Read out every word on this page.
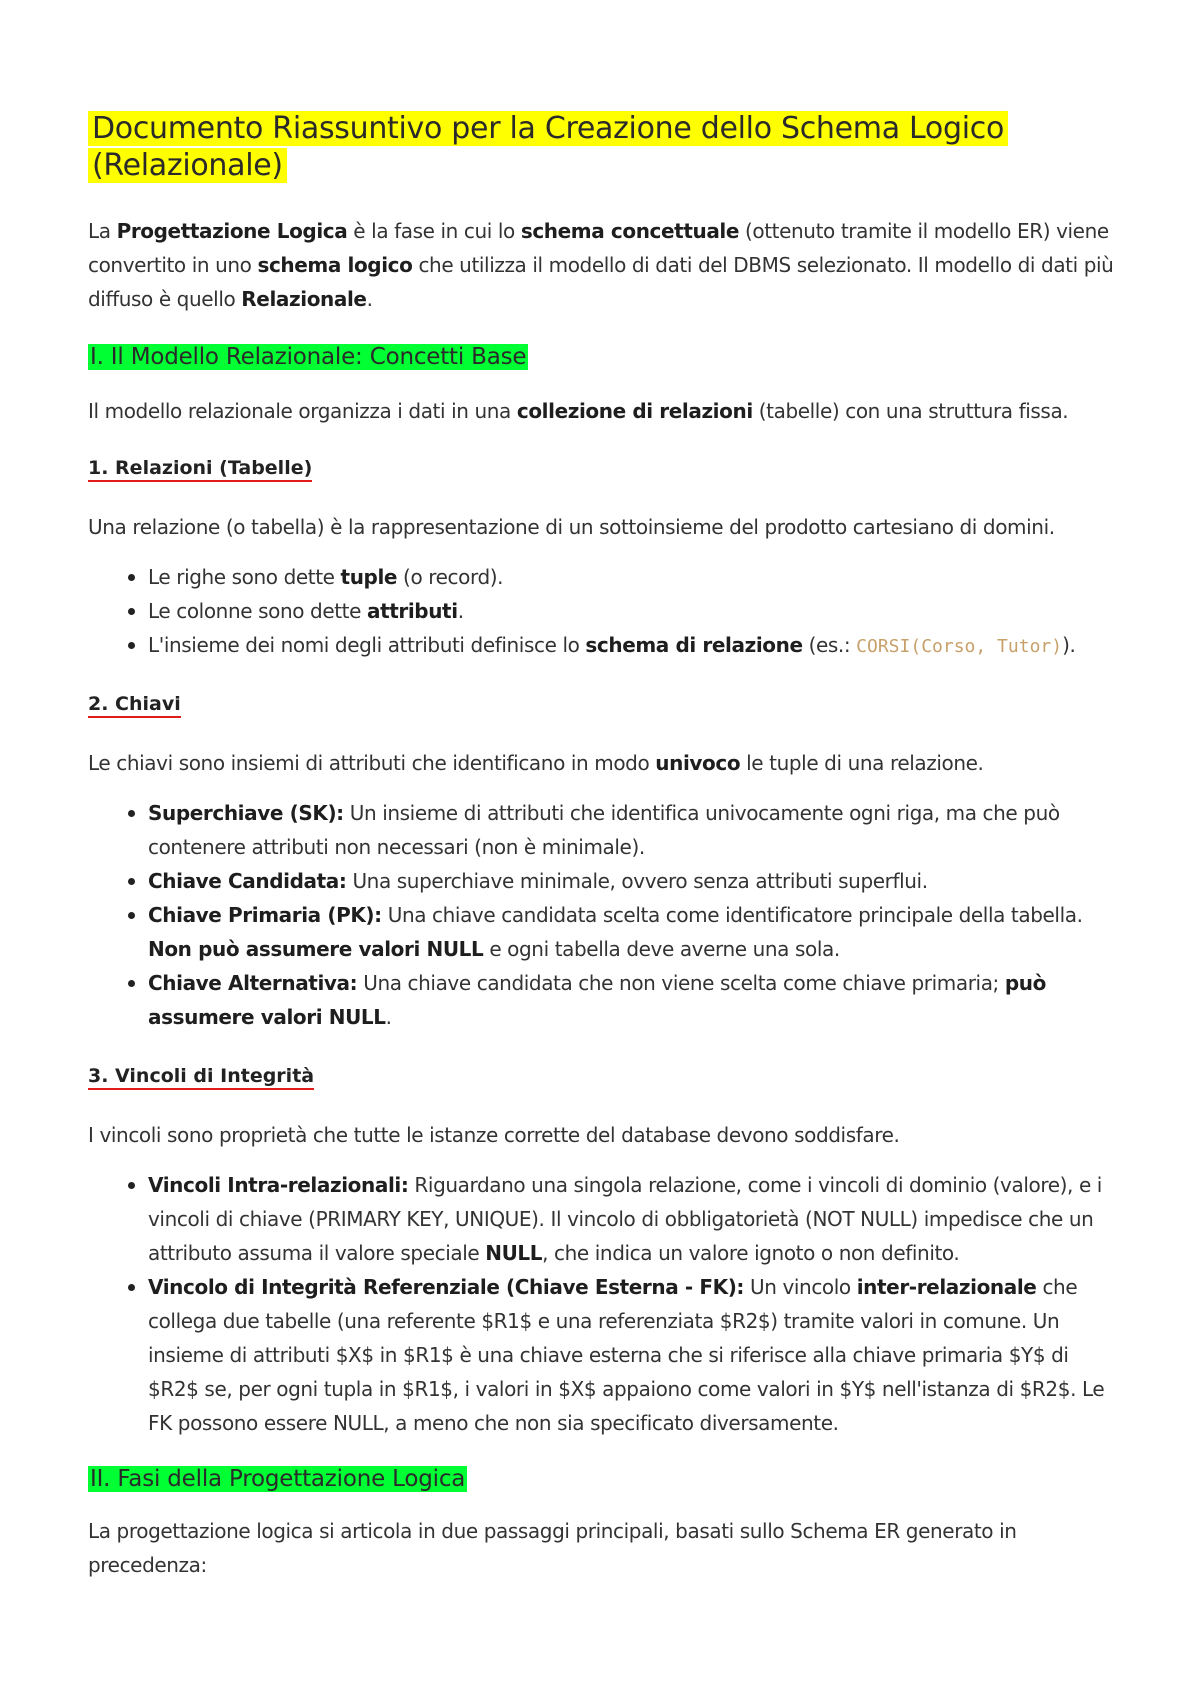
Documento Riassuntivo per la Creazione dello Schema Logico
(Relazionale)

La Progettazione Logica è la fase in cui lo schema concettuale (ottenuto tramite il modello ER) viene convertito in uno schema logico che utilizza il modello di dati del DBMS selezionato. Il modello di dati più diffuso è quello Relazionale.

I. Il Modello Relazionale: Concetti Base

Il modello relazionale organizza i dati in una collezione di relazioni (tabelle) con una struttura fissa.

1. Relazioni (Tabelle)

Una relazione (o tabella) è la rappresentazione di un sottoinsieme del prodotto cartesiano di domini.

Le righe sono dette tuple (o record).
Le colonne sono dette attributi.
L'insieme dei nomi degli attributi definisce lo schema di relazione (es.: CORSI(Corso, Tutor)).
2. Chiavi

Le chiavi sono insiemi di attributi che identificano in modo univoco le tuple di una relazione.

Superchiave (SK): Un insieme di attributi che identifica univocamente ogni riga, ma che può contenere attributi non necessari (non è minimale).
Chiave Candidata: Una superchiave minimale, ovvero senza attributi superflui.
Chiave Primaria (PK): Una chiave candidata scelta come identificatore principale della tabella. Non può assumere valori NULL e ogni tabella deve averne una sola.
Chiave Alternativa: Una chiave candidata che non viene scelta come chiave primaria; può assumere valori NULL.
3. Vincoli di Integrità

I vincoli sono proprietà che tutte le istanze corrette del database devono soddisfare.

Vincoli Intra-relazionali: Riguardano una singola relazione, come i vincoli di dominio (valore), e i vincoli di chiave (PRIMARY KEY, UNIQUE). Il vincolo di obbligatorietà (NOT NULL) impedisce che un attributo assuma il valore speciale NULL, che indica un valore ignoto o non definito.
Vincolo di Integrità Referenziale (Chiave Esterna - FK): Un vincolo inter-relazionale che collega due tabelle (una referente $R1$ e una referenziata $R2$) tramite valori in comune. Un insieme di attributi $X$ in $R1$ è una chiave esterna che si riferisce alla chiave primaria $Y$ di $R2$ se, per ogni tupla in $R1$, i valori in $X$ appaiono come valori in $Y$ nell'istanza di $R2$. Le FK possono essere NULL, a meno che non sia specificato diversamente.
II. Fasi della Progettazione Logica

La progettazione logica si articola in due passaggi principali, basati sullo Schema ER generato in precedenza:
